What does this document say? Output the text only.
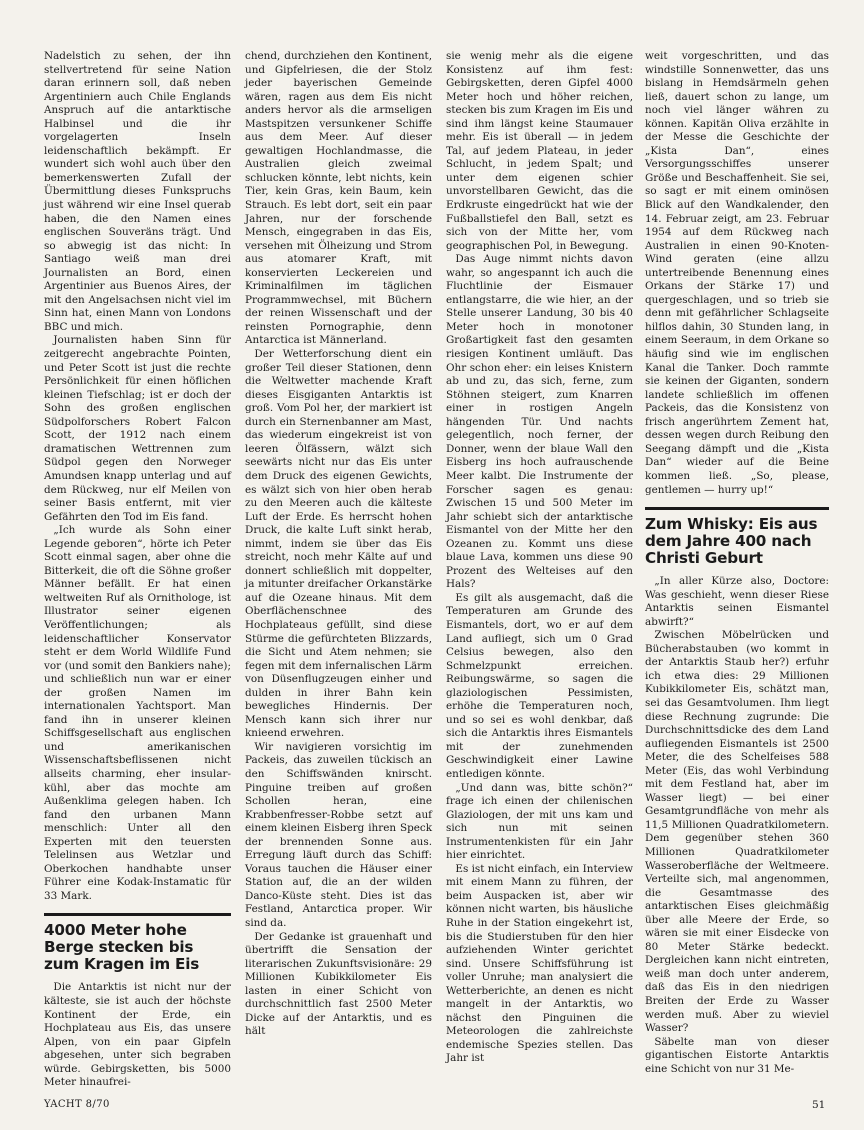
Nadelstich zu sehen, der ihn stellvertretend für seine Nation daran erinnern soll, daß neben Argentiniern auch Chile Englands Anspruch auf die antarktische Halbinsel und die ihr vorgelagerten Inseln leidenschaftlich bekämpft. Er wundert sich wohl auch über den bemerkenswerten Zufall der Übermittlung dieses Funkspruchs just während wir eine Insel querab haben, die den Namen eines englischen Souveräns trägt. Und so abwegig ist das nicht: In Santiago weiß man drei Journalisten an Bord, einen Argentinier aus Buenos Aires, der mit den Angelsachsen nicht viel im Sinn hat, einen Mann von Londons BBC und mich.

Journalisten haben Sinn für zeitgerecht angebrachte Pointen, und Peter Scott ist just die rechte Persönlichkeit für einen höflichen kleinen Tiefschlag; ist er doch der Sohn des großen englischen Südpolforschers Robert Falcon Scott, der 1912 nach einem dramatischen Wettrennen zum Südpol gegen den Norweger Amundsen knapp unterlag und auf dem Rückweg, nur elf Meilen von seiner Basis entfernt, mit vier Gefährten den Tod im Eis fand.

„Ich wurde als Sohn einer Legende geboren“, hörte ich Peter Scott einmal sagen, aber ohne die Bitterkeit, die oft die Söhne großer Männer befällt. Er hat einen weltweiten Ruf als Ornithologe, ist Illustrator seiner eigenen Veröffentlichungen; als leidenschaftlicher Konservator steht er dem World Wildlife Fund vor (und somit den Bankiers nahe); und schließlich nun war er einer der großen Namen im internationalen Yachtsport. Man fand ihn in unserer kleinen Schiffsgesellschaft aus englischen und amerikanischen Wissenschaftsbeflissenen nicht allseits charming, eher insular-kühl, aber das mochte am Außenklima gelegen haben. Ich fand den urbanen Mann menschlich: Unter all den Experten mit den teuersten Telelinsen aus Wetzlar und Oberkochen handhabte unser Führer eine Kodak-Instamatic für 33 Mark.

4000 Meter hohe Berge stecken bis zum Kragen im Eis

Die Antarktis ist nicht nur der kälteste, sie ist auch der höchste Kontinent der Erde, ein Hochplateau aus Eis, das unsere Alpen, von ein paar Gipfeln abgesehen, unter sich begraben würde. Gebirgsketten, bis 5000 Meter hinaufrei-

chend, durchziehen den Kontinent, und Gipfelriesen, die der Stolz jeder bayerischen Gemeinde wären, ragen aus dem Eis nicht anders hervor als die armseligen Mastspitzen versunkener Schiffe aus dem Meer. Auf dieser gewaltigen Hochlandmasse, die Australien gleich zweimal schlucken könnte, lebt nichts, kein Tier, kein Gras, kein Baum, kein Strauch. Es lebt dort, seit ein paar Jahren, nur der forschende Mensch, eingegraben in das Eis, versehen mit Ölheizung und Strom aus atomarer Kraft, mit konservierten Leckereien und Kriminalfilmen im täglichen Programmwechsel, mit Büchern der reinen Wissenschaft und der reinsten Pornographie, denn Antarctica ist Männerland.

Der Wetterforschung dient ein großer Teil dieser Stationen, denn die Weltwetter machende Kraft dieses Eisgiganten Antarktis ist groß. Vom Pol her, der markiert ist durch ein Sternenbanner am Mast, das wiederum eingekreist ist von leeren Ölfässern, wälzt sich seewärts nicht nur das Eis unter dem Druck des eigenen Gewichts, es wälzt sich von hier oben herab zu den Meeren auch die kälteste Luft der Erde. Es herrscht hohen Druck, die kalte Luft sinkt herab, nimmt, indem sie über das Eis streicht, noch mehr Kälte auf und donnert schließlich mit doppelter, ja mitunter dreifacher Orkanstärke auf die Ozeane hinaus. Mit dem Oberflächenschnee des Hochplateaus gefüllt, sind diese Stürme die gefürchteten Blizzards, die Sicht und Atem nehmen; sie fegen mit dem infernalischen Lärm von Düsenflugzeugen einher und dulden in ihrer Bahn kein bewegliches Hindernis. Der Mensch kann sich ihrer nur knieend erwehren.

Wir navigieren vorsichtig im Packeis, das zuweilen tückisch an den Schiffswänden knirscht. Pinguine treiben auf großen Schollen heran, eine Krabbenfresser-Robbe setzt auf einem kleinen Eisberg ihren Speck der brennenden Sonne aus. Erregung läuft durch das Schiff: Voraus tauchen die Häuser einer Station auf, die an der wilden Danco-Küste steht. Dies ist das Festland, Antarctica proper. Wir sind da.

Der Gedanke ist grauenhaft und übertrifft die Sensation der literarischen Zukunftsvisionäre: 29 Millionen Kubikkilometer Eis lasten in einer Schicht von durchschnittlich fast 2500 Meter Dicke auf der Antarktis, und es hält

sie wenig mehr als die eigene Konsistenz auf ihm fest: Gebirgsketten, deren Gipfel 4000 Meter hoch und höher reichen, stecken bis zum Kragen im Eis und sind ihm längst keine Staumauer mehr. Eis ist überall — in jedem Tal, auf jedem Plateau, in jeder Schlucht, in jedem Spalt; und unter dem eigenen schier unvorstellbaren Gewicht, das die Erdkruste eingedrückt hat wie der Fußballstiefel den Ball, setzt es sich von der Mitte her, vom geographischen Pol, in Bewegung.

Das Auge nimmt nichts davon wahr, so angespannt ich auch die Fluchtlinie der Eismauer entlangstarre, die wie hier, an der Stelle unserer Landung, 30 bis 40 Meter hoch in monotoner Großartigkeit fast den gesamten riesigen Kontinent umläuft. Das Ohr schon eher: ein leises Knistern ab und zu, das sich, ferne, zum Stöhnen steigert, zum Knarren einer in rostigen Angeln hängenden Tür. Und nachts gelegentlich, noch ferner, der Donner, wenn der blaue Wall den Eisberg ins hoch aufrauschende Meer kalbt. Die Instrumente der Forscher sagen es genau: Zwischen 15 und 500 Meter im Jahr schiebt sich der antarktische Eismantel von der Mitte her den Ozeanen zu. Kommt uns diese blaue Lava, kommen uns diese 90 Prozent des Welteises auf den Hals?

Es gilt als ausgemacht, daß die Temperaturen am Grunde des Eismantels, dort, wo er auf dem Land aufliegt, sich um 0 Grad Celsius bewegen, also den Schmelzpunkt erreichen. Reibungswärme, so sagen die glaziologischen Pessimisten, erhöhe die Temperaturen noch, und so sei es wohl denkbar, daß sich die Antarktis ihres Eismantels mit der zunehmenden Geschwindigkeit einer Lawine entledigen könnte.

„Und dann was, bitte schön?“ frage ich einen der chilenischen Glaziologen, der mit uns kam und sich nun mit seinen Instrumentenkisten für ein Jahr hier einrichtet.

Es ist nicht einfach, ein Interview mit einem Mann zu führen, der beim Auspacken ist, aber wir können nicht warten, bis häusliche Ruhe in der Station eingekehrt ist, bis die Studierstuben für den hier aufziehenden Winter gerichtet sind. Unsere Schiffsführung ist voller Unruhe; man analysiert die Wetterberichte, an denen es nicht mangelt in der Antarktis, wo nächst den Pinguinen die Meteorologen die zahlreichste endemische Spezies stellen. Das Jahr ist

weit vorgeschritten, und das windstille Sonnenwetter, das uns bislang in Hemdsärmeln gehen ließ, dauert schon zu lange, um noch viel länger währen zu können. Kapitän Oliva erzählte in der Messe die Geschichte der „Kista Dan“, eines Versorgungsschiffes unserer Größe und Beschaffenheit. Sie sei, so sagt er mit einem ominösen Blick auf den Wandkalender, den 14. Februar zeigt, am 23. Februar 1954 auf dem Rückweg nach Australien in einen 90-Knoten-Wind geraten (eine allzu untertreibende Benennung eines Orkans der Stärke 17) und quergeschlagen, und so trieb sie denn mit gefährlicher Schlagseite hilflos dahin, 30 Stunden lang, in einem Seeraum, in dem Orkane so häufig sind wie im englischen Kanal die Tanker. Doch rammte sie keinen der Giganten, sondern landete schließlich im offenen Packeis, das die Konsistenz von frisch angerührtem Zement hat, dessen wegen durch Reibung den Seegang dämpft und die „Kista Dan“ wieder auf die Beine kommen ließ. „So, please, gentlemen — hurry up!“

Zum Whisky: Eis aus dem Jahre 400 nach Christi Geburt

„In aller Kürze also, Doctore: Was geschieht, wenn dieser Riese Antarktis seinen Eismantel abwirft?“

Zwischen Möbelrücken und Bücherabstauben (wo kommt in der Antarktis Staub her?) erfuhr ich etwa dies: 29 Millionen Kubikkilometer Eis, schätzt man, sei das Gesamtvolumen. Ihm liegt diese Rechnung zugrunde: Die Durchschnittsdicke des dem Land aufliegenden Eismantels ist 2500 Meter, die des Schelfeises 588 Meter (Eis, das wohl Verbindung mit dem Festland hat, aber im Wasser liegt) — bei einer Gesamtgrundfläche von mehr als 11,5 Millionen Quadratkilometern. Dem gegenüber stehen 360 Millionen Quadratkilometer Wasseroberfläche der Weltmeere. Verteilte sich, mal angenommen, die Gesamtmasse des antarktischen Eises gleichmäßig über alle Meere der Erde, so wären sie mit einer Eisdecke von 80 Meter Stärke bedeckt. Dergleichen kann nicht eintreten, weiß man doch unter anderem, daß das Eis in den niedrigen Breiten der Erde zu Wasser werden muß. Aber zu wieviel Wasser?

Säbelte man von dieser gigantischen Eistorte Antarktis eine Schicht von nur 31 Me-

YACHT 8/70	51
